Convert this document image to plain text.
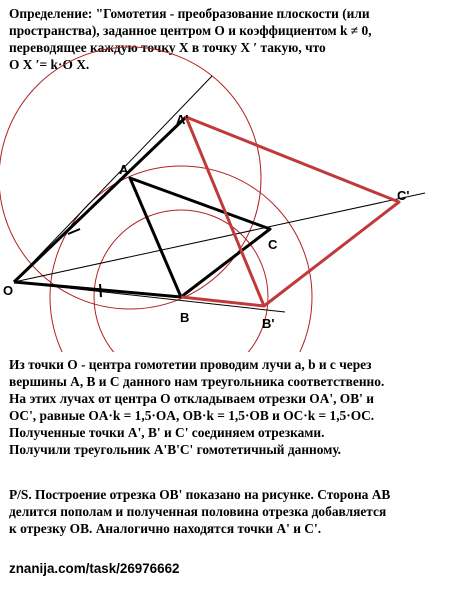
Определение: "Гомотетия - преобразование плоскости (или
пространства), заданное центром O и коэффициентом k ≠ 0,
переводящее каждую точку X в точку X ′ такую, что
O X ′= k·O X.
O
A
B
C
A'
B'
C'
Из точки O - центра гомотетии проводим лучи a, b и c через
вершины A, B и C данного нам треугольника соответственно.
На этих лучах от центра O откладываем отрезки OA', OB' и
OC', равные OA·k = 1,5·OA, OB·k = 1,5·OB и OC·k = 1,5·OC.
Полученные точки A', B' и C' соединяем отрезками.
Получили треугольник A'B'C' гомотетичный данному.
P/S. Построение отрезка OB' показано на рисунке. Сторона AB
делится пополам и полученная половина отрезка добавляется
к отрезку OB. Аналогично находятся точки A' и C'.
znanija.com/task/26976662
